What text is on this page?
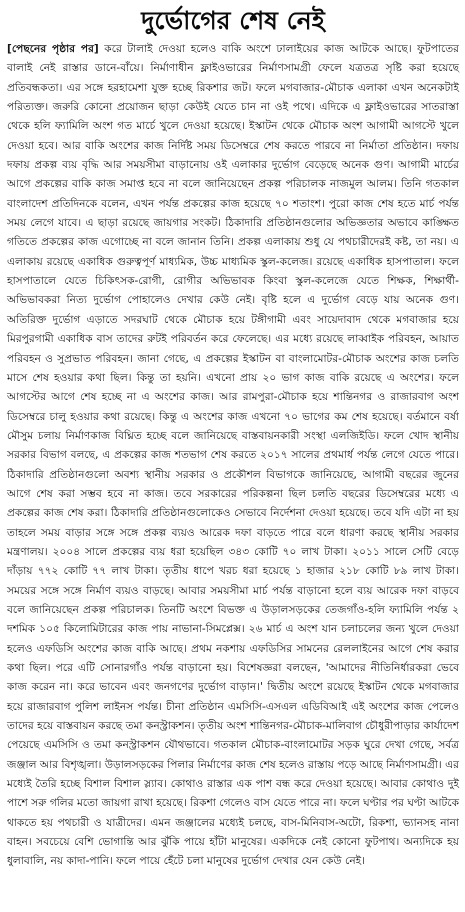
দুর্ভোগের শেষ নেই

[পেছনের পৃষ্ঠার পর] করে টালাই দেওয়া হলেও বাকি অংশে ঢালাইয়ের কাজ আটকে আছে। ফুটপাতের বালাই নেই রাস্তার ডানে-বাঁয়ে। নির্মাণাধীন ফ্লাইওভারের নির্মাণসামগ্রী ফেলে যত্রতত্র সৃষ্টি করা হয়েছে প্রতিবন্ধকতা। এর সঙ্গে হরহামেশা যুক্ত হচ্ছে রিকশার জট। ফলে মগবাজার-মৌচাক এলাকা এখন অনেকটাই পরিত্যক্ত। জরুরি কোনো প্রয়োজন ছাড়া কেউই যেতে চান না ওই পথে। এদিকে এ ফ্লাইওভারের সাতরাস্তা থেকে হলি ফ্যামিলি অংশ গত মার্চে খুলে দেওয়া হয়েছে। ইস্কাটন থেকে মৌচাক অংশ আগামী আগস্টে খুলে দেওয়া হবে। আর বাকি অংশের কাজ নির্দিষ্ট সময় ডিসেম্বরে শেষ করতে পারবে না নির্মাতা প্রতিষ্ঠান। দফায় দফায় প্রকল্প ব্যয় বৃদ্ধি আর সময়সীমা বাড়ানোয় ওই এলাকার দুর্ভোগ বেড়েছে অনেক গুণ। আগামী মার্চের আগে প্রকল্পের বাকি কাজ সমাপ্ত হবে না বলে জানিয়েছেন প্রকল্প পরিচালক নাজমুল আলম। তিনি গতকাল বাংলাদেশ প্রতিদিনকে বলেন, এখন পর্যন্ত প্রকল্পের কাজ হয়েছে ৭০ শতাংশ। পুরো কাজ শেষ হতে মার্চ পর্যন্ত সময় লেগে যাবে। এ ছাড়া রয়েছে জায়গার সংকট। ঠিকাদারি প্রতিষ্ঠানগুলোর অভিজ্ঞতার অভাবে কাঙ্ক্ষিত গতিতে প্রকল্পের কাজ এগোচ্ছে না বলে জানান তিনি। প্রকল্প এলাকায় শুধু যে পথচারীদেরই কষ্ট, তা নয়। এ এলাকায় রয়েছে একাধিক গুরুত্বপূর্ণ মাধ্যমিক, উচ্চ মাধ্যমিক স্কুল-কলেজ। রয়েছে একাধিক হাসপাতাল। ফলে হাসপাতালে যেতে চিকিৎসক-রোগী, রোগীর অভিভাবক কিংবা স্কুল-কলেজে যেতে শিক্ষক, শিক্ষার্থী-অভিভাবকরা নিত্য দুর্ভোগ পোহালেও দেখার কেউ নেই। বৃষ্টি হলে এ দুর্ভোগ বেড়ে যায় অনেক গুণ। অতিরিক্ত দুর্ভোগ এড়াতে সদরঘাট থেকে মৌচাক হয়ে টঙ্গীগামী এবং সায়েদাবাদ থেকে মগবাজার হয়ে মিরপুরগামী একাধিক বাস তাদের রুটই পরিবর্তন করে ফেলেছে। এর মধ্যে রয়েছে লাব্বাইক পরিবহন, আয়াত পরিবহন ও সুপ্রভাত পরিবহন। জানা গেছে, এ প্রকল্পের ইস্কাটন বা বাংলামোটর-মৌচাক অংশের কাজ চলতি মাসে শেষ হওয়ার কথা ছিল। কিন্তু তা হয়নি। এখনো প্রায় ২০ ভাগ কাজ বাকি রয়েছে এ অংশের। ফলে আগস্টের আগে শেষ হচ্ছে না এ অংশের কাজ। আর রামপুরা-মৌচাক হয়ে শান্তিনগর ও রাজারবাগ অংশ ডিসেম্বরে চালু হওয়ার কথা রয়েছে। কিন্তু এ অংশের কাজ এখনো ৭০ ভাগের কম শেষ হয়েছে। বর্তমানে বর্ষা মৌসুম চলায় নির্মাণকাজ বিঘ্নিত হচ্ছে বলে জানিয়েছে বাস্তবায়নকারী সংস্থা এলজিইডি। ফলে খোদ স্থানীয় সরকার বিভাগ বলছে, এ প্রকল্পের কাজ শতভাগ শেষ করতে ২০১৭ সালের প্রথমার্ধ পর্যন্ত লেগে যেতে পারে। ঠিকাদারি প্রতিষ্ঠানগুলো অবশ্য স্থানীয় সরকার ও প্রকৌশল বিভাগকে জানিয়েছে, আগামী বছরের জুনের আগে শেষ করা সম্ভব হবে না কাজ। তবে সরকারের পরিকল্পনা ছিল চলতি বছরের ডিসেম্বরের মধ্যে এ প্রকল্পের কাজ শেষ করা। ঠিকাদারি প্রতিষ্ঠানগুলোকেও সেভাবে নির্দেশনা দেওয়া হয়েছে। তবে যদি এটা না হয় তাহলে সময় বাড়ার সঙ্গে সঙ্গে প্রকল্প ব্যয়ও আরেক দফা বাড়তে পারে বলে ধারণা করছে স্থানীয় সরকার মন্ত্রণালয়। ২০০৪ সালে প্রকল্পের ব্যয় ধরা হয়েছিল ৩৪৩ কোটি ৭০ লাখ টাকা। ২০১১ সালে সেটি বেড়ে দাঁড়ায় ৭৭২ কোটি ৭৭ লাখ টাকা। তৃতীয় ধাপে খরচ ধরা হয়েছে ১ হাজার ২১৮ কোটি ৮৯ লাখ টাকা। সময়ের সঙ্গে সঙ্গে নির্মাণ ব্যয়ও বাড়ছে। আবার সময়সীমা মার্চ পর্যন্ত বাড়ানো হলে ব্যয় আরেক দফা বাড়বে বলে জানিয়েছেন প্রকল্প পরিচালক। তিনটি অংশে বিভক্ত এ উড়ালসড়কের তেজগাঁও-হলি ফ্যামিলি পর্যন্ত ২ দশমিক ১০৫ কিলোমিটারের কাজ পায় নাভানা-সিমপ্লেক্স। ২৬ মার্চ এ অংশ যান চলাচলের জন্য খুলে দেওয়া হলেও এফডিসি অংশের কাজ বাকি আছে। প্রথম নকশায় এফডিসির সামনের রেললাইনের আগে শেষ করার কথা ছিল। পরে এটি সোনারগাঁও পর্যন্ত বাড়ানো হয়। বিশেষজ্ঞরা বলছেন, 'আমাদের নীতিনির্ধারকরা ভেবে কাজ করেন না। করে ভাবেন এবং জনগণের দুর্ভোগ বাড়ান।' দ্বিতীয় অংশে রয়েছে ইস্কাটন থেকে মগবাজার হয়ে রাজারবাগ পুলিশ লাইনস পর্যন্ত। চীনা প্রতিষ্ঠান এমসিসি-এসএল এডিবিআই এই অংশের কাজ পেলেও তাদের হয়ে বাস্তবায়ন করছে তমা কনস্ট্রাকশন। তৃতীয় অংশ শান্তিনগর-মৌচাক-মালিবাগ চৌধুরীপাড়ার কার্যাদেশ পেয়েছে এমসিসি ও তমা কনস্ট্রাকশন যৌথভাবে। গতকাল মৌচাক-বাংলামোটর সড়ক ঘুরে দেখা গেছে, সর্বত্র জঞ্জাল আর বিশৃঙ্খলা। উড়ালসড়কের পিলার নির্মাণের কাজ শেষ হলেও রাস্তায় পড়ে আছে নির্মাণসামগ্রী। এর মধ্যেই তৈরি হচ্ছে বিশাল বিশাল স্ল্যাব। কোথাও রাস্তার এক পাশ বন্ধ করে দেওয়া হয়েছে। আবার কোথাও দুই পাশে সরু গলির মতো জায়গা রাখা হয়েছে। রিকশা গেলেও বাস যেতে পারে না। ফলে ঘণ্টার পর ঘণ্টা আটকে থাকতে হয় পথচারী ও যাত্রীদের। এমন জঞ্জালের মধ্যেই চলছে, বাস-মিনিবাস-অটো, রিকশা, ভ্যানসহ নানা বাহন। সবচেয়ে বেশি ভোগান্তি আর ঝুঁকি পায়ে হাঁটা মানুষের। একদিকে নেই কোনো ফুটপাথ। অন্যদিকে হয় ধুলাবালি, নয় কাদা-পানি। ফলে পায়ে হেঁটে চলা মানুষের দুর্ভোগ দেখার যেন কেউ নেই।
